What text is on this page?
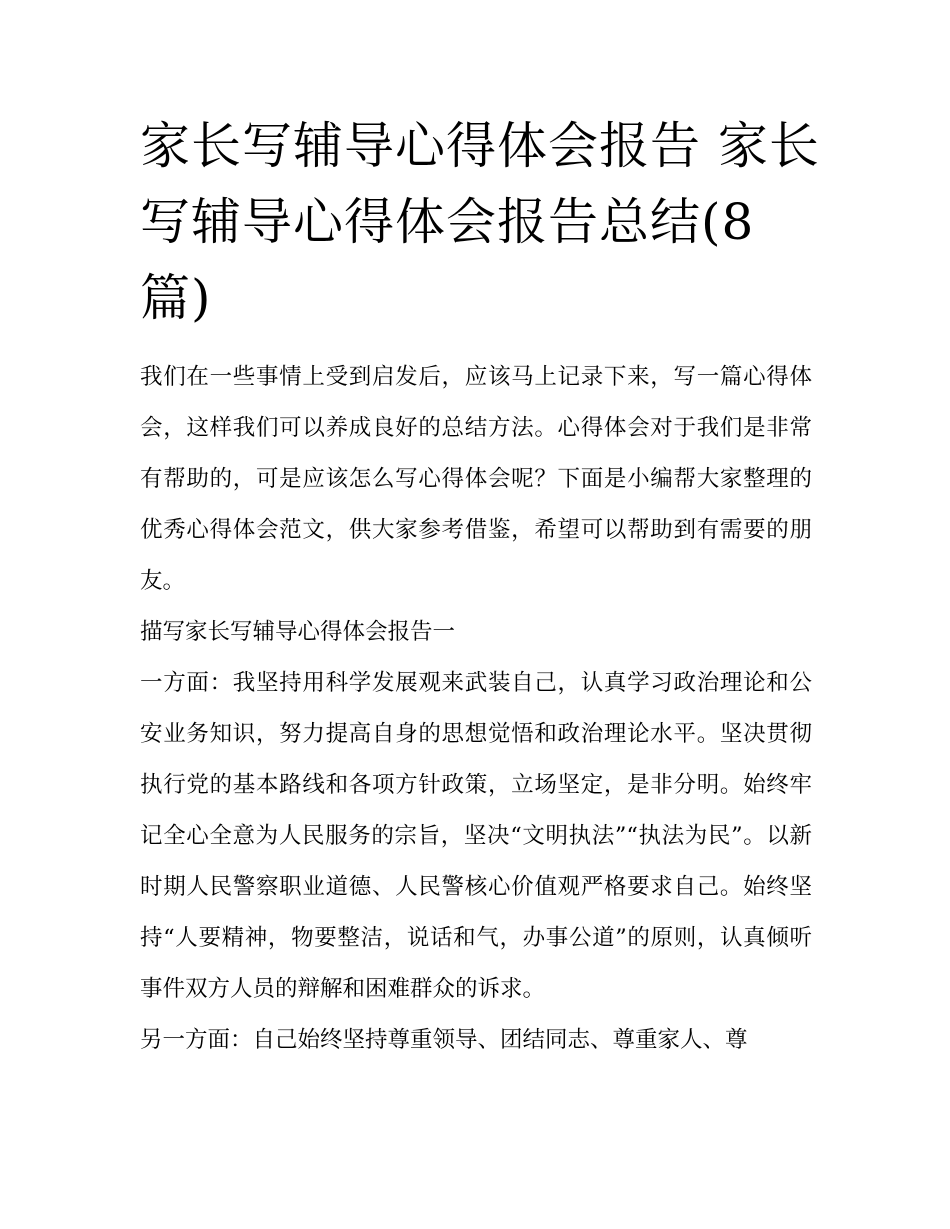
家长写辅导心得体会报告 家长
写辅导心得体会报告总结(8
篇)

我们在一些事情上受到启发后，应该马上记录下来，写一篇心得体会，这样我们可以养成良好的总结方法。心得体会对于我们是非常有帮助的，可是应该怎么写心得体会呢？下面是小编帮大家整理的优秀心得体会范文，供大家参考借鉴，希望可以帮助到有需要的朋友。

描写家长写辅导心得体会报告一

一方面：我坚持用科学发展观来武装自己，认真学习政治理论和公安业务知识，努力提高自身的思想觉悟和政治理论水平。坚决贯彻执行党的基本路线和各项方针政策，立场坚定，是非分明。始终牢记全心全意为人民服务的宗旨，坚决“文明执法”“执法为民”。以新时期人民警察职业道德、人民警核心价值观严格要求自己。始终坚持“人要精神，物要整洁，说话和气，办事公道”的原则，认真倾听事件双方人员的辩解和困难群众的诉求。

另一方面：自己始终坚持尊重领导、团结同志、尊重家人、尊
